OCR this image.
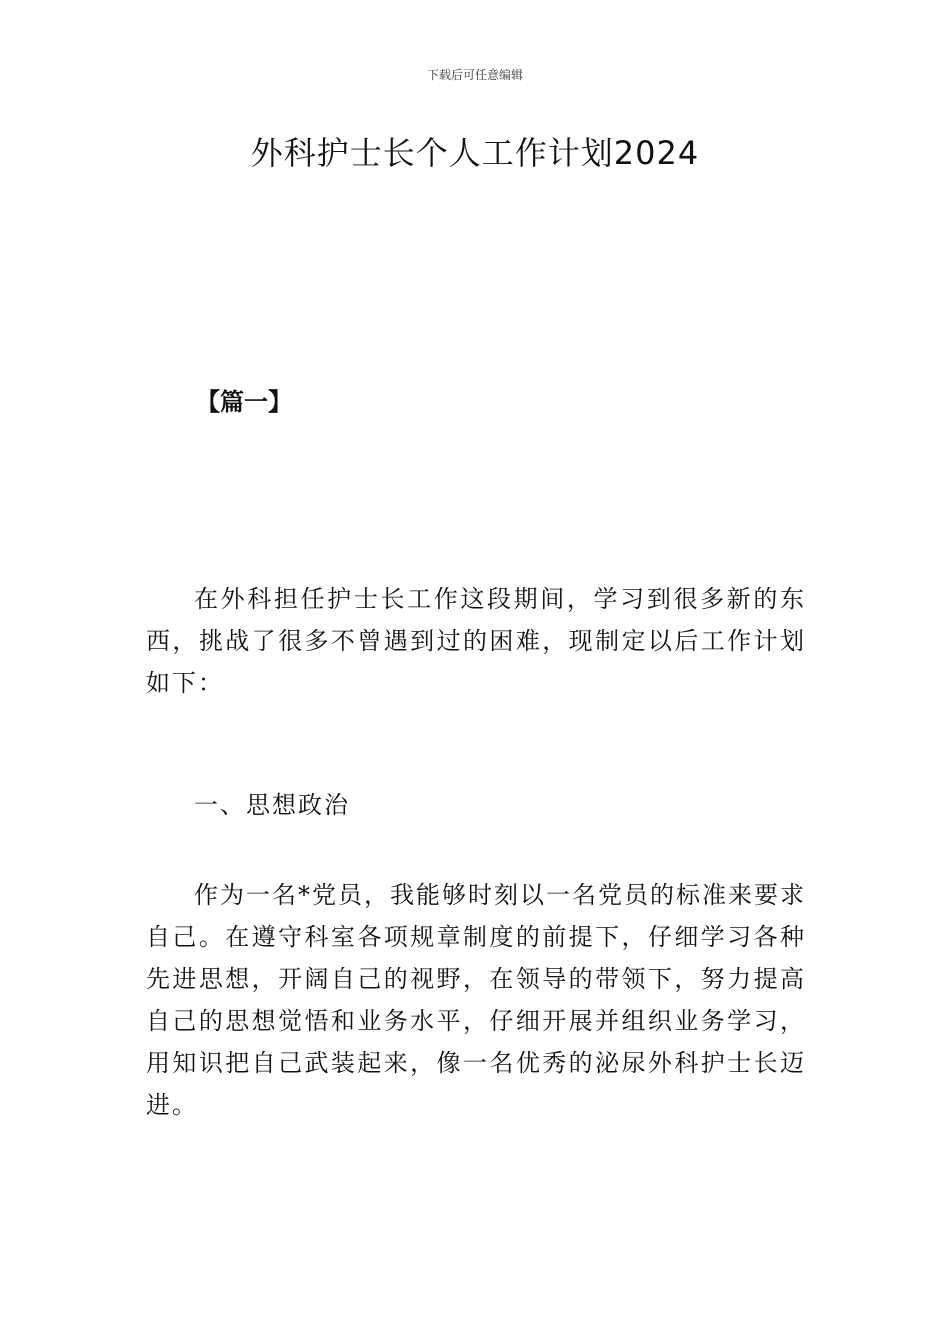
下载后可任意编辑
外科护士长个人工作计划2024
【篇一】

在外科担任护士长工作这段期间，学习到很多新的东西，挑战了很多不曾遇到过的困难，现制定以后工作计划如下：

一、思想政治

作为一名*党员，我能够时刻以一名党员的标准来要求自己。在遵守科室各项规章制度的前提下，仔细学习各种先进思想，开阔自己的视野，在领导的带领下，努力提高自己的思想觉悟和业务水平，仔细开展并组织业务学习，用知识把自己武装起来，像一名优秀的泌尿外科护士长迈进。
